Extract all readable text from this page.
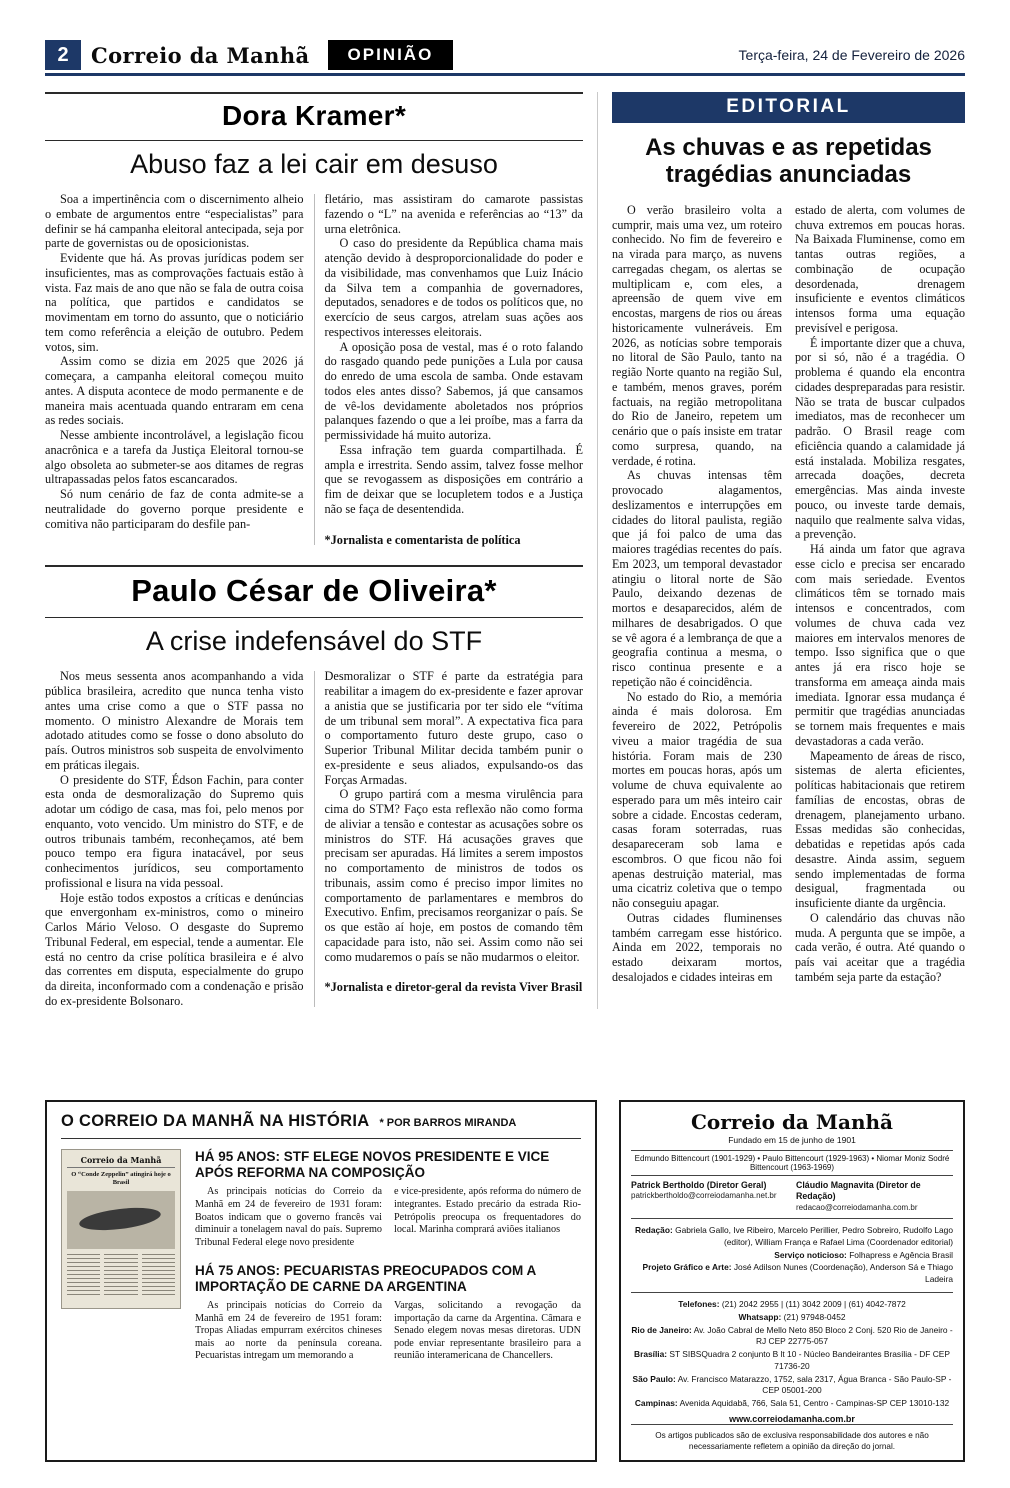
2	Correio da Manhã	OPINIÃO	Terça-feira, 24 de Fevereiro de 2026
Dora Kramer*
Abuso faz a lei cair em desuso

Soa a impertinência com o discernimento alheio o embate de argumentos entre “especialistas” para definir se há campanha eleitoral antecipada, seja por parte de governistas ou de oposicionistas.

Evidente que há. As provas jurídicas podem ser insuficientes, mas as comprovações factuais estão à vista. Faz mais de ano que não se fala de outra coisa na política, que partidos e candidatos se movimentam em torno do assunto, que o noticiário tem como referência a eleição de outubro. Pedem votos, sim.

Assim como se dizia em 2025 que 2026 já começara, a campanha eleitoral começou muito antes. A disputa acontece de modo permanente e de maneira mais acentuada quando entraram em cena as redes sociais.

Nesse ambiente incontrolável, a legislação ficou anacrônica e a tarefa da Justiça Eleitoral tornou-se algo obsoleta ao submeter-se aos ditames de regras ultrapassadas pelos fatos escancarados.

Só num cenário de faz de conta admite-se a neutralidade do governo porque presidente e comitiva não participaram do desfile pan-

fletário, mas assistiram do camarote passistas fazendo o “L” na avenida e referências ao “13” da urna eletrônica.

O caso do presidente da República chama mais atenção devido à desproporcionalidade do poder e da visibilidade, mas convenhamos que Luiz Inácio da Silva tem a companhia de governadores, deputados, senadores e de todos os políticos que, no exercício de seus cargos, atrelam suas ações aos respectivos interesses eleitorais.

A oposição posa de vestal, mas é o roto falando do rasgado quando pede punições a Lula por causa do enredo de uma escola de samba. Onde estavam todos eles antes disso? Sabemos, já que cansamos de vê-los devidamente aboletados nos próprios palanques fazendo o que a lei proíbe, mas a farra da permissividade há muito autoriza.

Essa infração tem guarda compartilhada. É ampla e irrestrita. Sendo assim, talvez fosse melhor que se revogassem as disposições em contrário a fim de deixar que se locupletem todos e a Justiça não se faça de desentendida.

*Jornalista e comentarista de política

Paulo César de Oliveira*
A crise indefensável do STF

Nos meus sessenta anos acompanhando a vida pública brasileira, acredito que nunca tenha visto antes uma crise como a que o STF passa no momento. O ministro Alexandre de Morais tem adotado atitudes como se fosse o dono absoluto do país. Outros ministros sob suspeita de envolvimento em práticas ilegais.

O presidente do STF, Édson Fachin, para conter esta onda de desmoralização do Supremo quis adotar um código de casa, mas foi, pelo menos por enquanto, voto vencido. Um ministro do STF, e de outros tribunais também, reconheçamos, até bem pouco tempo era figura inatacável, por seus conhecimentos jurídicos, seu comportamento profissional e lisura na vida pessoal.

Hoje estão todos expostos a críticas e denúncias que envergonham ex-ministros, como o mineiro Carlos Mário Veloso. O desgaste do Supremo Tribunal Federal, em especial, tende a aumentar. Ele está no centro da crise política brasileira e é alvo das correntes em disputa, especialmente do grupo da direita, inconformado com a condenação e prisão do ex-presidente Bolsonaro.

Desmoralizar o STF é parte da estratégia para reabilitar a imagem do ex-presidente e fazer aprovar a anistia que se justificaria por ter sido ele “vítima de um tribunal sem moral”. A expectativa fica para o comportamento futuro deste grupo, caso o Superior Tribunal Militar decida também punir o ex-presidente e seus aliados, expulsando-os das Forças Armadas.

O grupo partirá com a mesma virulência para cima do STM? Faço esta reflexão não como forma de aliviar a tensão e contestar as acusações sobre os ministros do STF. Há acusações graves que precisam ser apuradas. Há limites a serem impostos no comportamento de ministros de todos os tribunais, assim como é preciso impor limites no comportamento de parlamentares e membros do Executivo. Enfim, precisamos reorganizar o país. Se os que estão aí hoje, em postos de comando têm capacidade para isto, não sei. Assim como não sei como mudaremos o país se não mudarmos o eleitor.

*Jornalista e diretor-geral da revista Viver Brasil

EDITORIAL
As chuvas e as repetidas tragédias anunciadas

O verão brasileiro volta a cumprir, mais uma vez, um roteiro conhecido. No fim de fevereiro e na virada para março, as nuvens carregadas chegam, os alertas se multiplicam e, com eles, a apreensão de quem vive em encostas, margens de rios ou áreas historicamente vulneráveis. Em 2026, as notícias sobre temporais no litoral de São Paulo, tanto na região Norte quanto na região Sul, e também, menos graves, porém factuais, na região metropolitana do Rio de Janeiro, repetem um cenário que o país insiste em tratar como surpresa, quando, na verdade, é rotina.

As chuvas intensas têm provocado alagamentos, deslizamentos e interrupções em cidades do litoral paulista, região que já foi palco de uma das maiores tragédias recentes do país. Em 2023, um temporal devastador atingiu o litoral norte de São Paulo, deixando dezenas de mortos e desaparecidos, além de milhares de desabrigados. O que se vê agora é a lembrança de que a geografia continua a mesma, o risco continua presente e a repetição não é coincidência.

No estado do Rio, a memória ainda é mais dolorosa. Em fevereiro de 2022, Petrópolis viveu a maior tragédia de sua história. Foram mais de 230 mortes em poucas horas, após um volume de chuva equivalente ao esperado para um mês inteiro cair sobre a cidade. Encostas cederam, casas foram soterradas, ruas desapareceram sob lama e escombros. O que ficou não foi apenas destruição material, mas uma cicatriz coletiva que o tempo não conseguiu apagar.

Outras cidades fluminenses também carregam esse histórico. Ainda em 2022, temporais no estado deixaram mortos, desalojados e cidades inteiras em

estado de alerta, com volumes de chuva extremos em poucas horas. Na Baixada Fluminense, como em tantas outras regiões, a combinação de ocupação desordenada, drenagem insuficiente e eventos climáticos intensos forma uma equação previsível e perigosa.

É importante dizer que a chuva, por si só, não é a tragédia. O problema é quando ela encontra cidades despreparadas para resistir. Não se trata de buscar culpados imediatos, mas de reconhecer um padrão. O Brasil reage com eficiência quando a calamidade já está instalada. Mobiliza resgates, arrecada doações, decreta emergências. Mas ainda investe pouco, ou investe tarde demais, naquilo que realmente salva vidas, a prevenção.

Há ainda um fator que agrava esse ciclo e precisa ser encarado com mais seriedade. Eventos climáticos têm se tornado mais intensos e concentrados, com volumes de chuva cada vez maiores em intervalos menores de tempo. Isso significa que o que antes já era risco hoje se transforma em ameaça ainda mais imediata. Ignorar essa mudança é permitir que tragédias anunciadas se tornem mais frequentes e mais devastadoras a cada verão.

Mapeamento de áreas de risco, sistemas de alerta eficientes, políticas habitacionais que retirem famílias de encostas, obras de drenagem, planejamento urbano. Essas medidas são conhecidas, debatidas e repetidas após cada desastre. Ainda assim, seguem sendo implementadas de forma desigual, fragmentada ou insuficiente diante da urgência.

O calendário das chuvas não muda. A pergunta que se impõe, a cada verão, é outra. Até quando o país vai aceitar que a tragédia também seja parte da estação?

O CORREIO DA MANHÃ NA HISTÓRIA * POR BARROS MIRANDA
Correio da Manhã
O “Conde Zeppelin” atingirá hoje o Brasil
HÁ 95 ANOS: STF ELEGE NOVOS PRESIDENTE E VICE APÓS REFORMA NA COMPOSIÇÃO

As principais notícias do Correio da Manhã em 24 de fevereiro de 1931 foram: Boatos indicam que o governo francês vai diminuir a tonelagem naval do país. Supremo Tribunal Federal elege novo presidente

e vice-presidente, após reforma do número de integrantes. Estado precário da estrada Rio-Petrópolis preocupa os frequentadores do local. Marinha comprará aviões italianos

HÁ 75 ANOS: PECUARISTAS PREOCUPADOS COM A IMPORTAÇÃO DE CARNE DA ARGENTINA

As principais notícias do Correio da Manhã em 24 de fevereiro de 1951 foram: Tropas Aliadas empurram exércitos chineses mais ao norte da península coreana. Pecuaristas intregam um memorando a

Vargas, solicitando a revogação da importação da carne da Argentina. Câmara e Senado elegem novas mesas diretoras. UDN pode enviar representante brasileiro para a reunião interamericana de Chancellers.

Correio da Manhã
Fundado em 15 de junho de 1901
Edmundo Bittencourt (1901-1929) • Paulo Bittencourt (1929-1963) • Niomar Moniz Sodré Bittencourt (1963-1969)
Patrick Bertholdo (Diretor Geral)
patrickbertholdo@correiodamanha.net.br
Cláudio Magnavita (Diretor de Redação)
redacao@correiodamanha.com.br

Redação: Gabriela Gallo, Ive Ribeiro, Marcelo Perillier, Pedro Sobreiro, Rudolfo Lago (editor), William França e Rafael Lima (Coordenador editorial)

Serviço noticioso: Folhapress e Agência Brasil

Projeto Gráfico e Arte: José Adilson Nunes (Coordenação), Anderson Sá e Thiago Ladeira

Telefones: (21) 2042 2955 | (11) 3042 2009 | (61) 4042-7872

Whatsapp: (21) 97948-0452

Rio de Janeiro: Av. João Cabral de Mello Neto 850 Bloco 2 Conj. 520 Rio de Janeiro - RJ CEP 22775-057

Brasília: ST SIBSQuadra 2 conjunto B lt 10 - Núcleo Bandeirantes Brasília - DF CEP 71736-20

São Paulo: Av. Francisco Matarazzo, 1752, sala 2317, Água Branca - São Paulo-SP - CEP 05001-200

Campinas: Avenida Aquidabã, 766, Sala 51, Centro - Campinas-SP CEP 13010-132

www.correiodamanha.com.br
Os artigos publicados são de exclusiva responsabilidade dos autores e não necessariamente refletem a opinião da direção do jornal.
